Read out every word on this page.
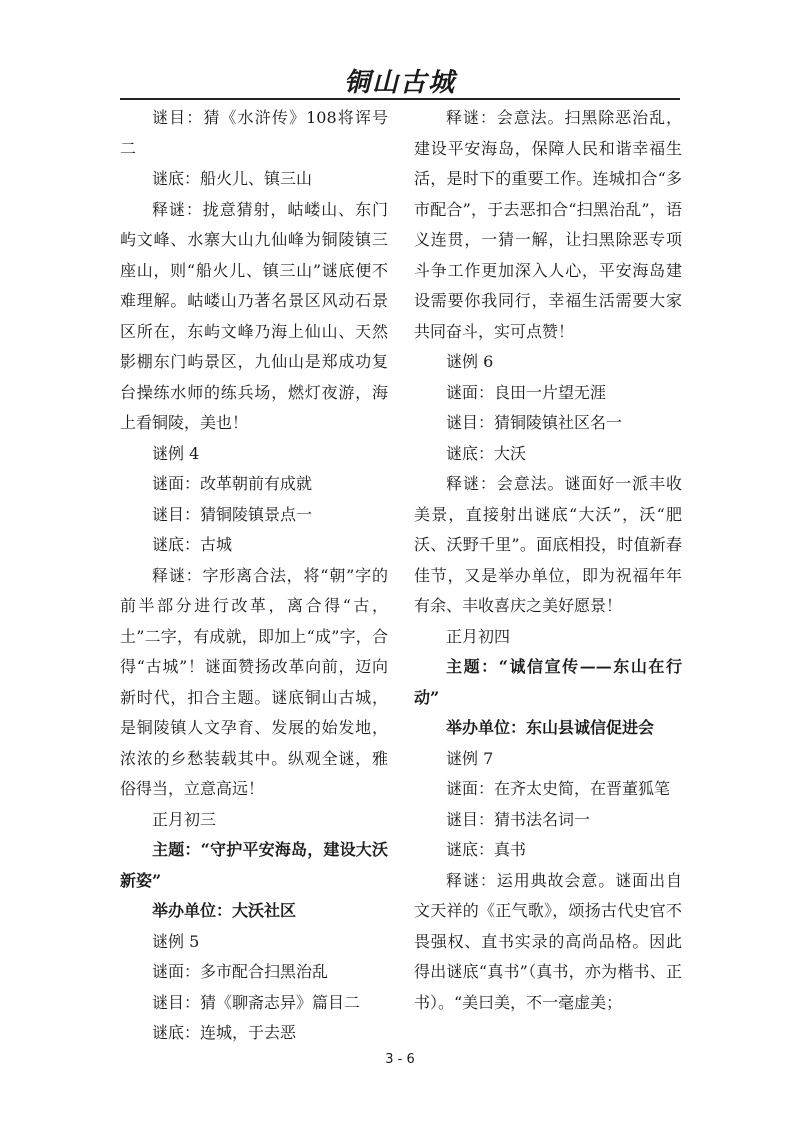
铜山古城

谜目：猜《水浒传》108将诨号二

谜底：船火儿、镇三山

释谜：拢意猜射，岵嵝山、东门屿文峰、水寨大山九仙峰为铜陵镇三座山，则“船火儿、镇三山”谜底便不难理解。岵嵝山乃著名景区风动石景区所在，东屿文峰乃海上仙山、天然影棚东门屿景区，九仙山是郑成功复台操练水师的练兵场，燃灯夜游，海上看铜陵，美也！

谜例 4

谜面：改革朝前有成就

谜目：猜铜陵镇景点一

谜底：古城

释谜：字形离合法，将“朝”字的前半部分进行改革，离合得“古，土”二字，有成就，即加上“成”字，合得“古城”！谜面赞扬改革向前，迈向新时代，扣合主题。谜底铜山古城，是铜陵镇人文孕育、发展的始发地，浓浓的乡愁装载其中。纵观全谜，雅俗得当，立意高远！

正月初三

主题：“守护平安海岛，建设大沃新姿”

举办单位：大沃社区

谜例 5

谜面：多市配合扫黑治乱

谜目：猜《聊斋志异》篇目二

谜底：连城，于去恶

释谜：会意法。扫黑除恶治乱，建设平安海岛，保障人民和谐幸福生活，是时下的重要工作。连城扣合“多市配合”，于去恶扣合“扫黑治乱”，语义连贯，一猜一解，让扫黑除恶专项斗争工作更加深入人心，平安海岛建设需要你我同行，幸福生活需要大家共同奋斗，实可点赞！

谜例 6

谜面：良田一片望无涯

谜目：猜铜陵镇社区名一

谜底：大沃

释谜：会意法。谜面好一派丰收美景，直接射出谜底“大沃”，沃“肥沃、沃野千里”。面底相投，时值新春佳节，又是举办单位，即为祝福年年有余、丰收喜庆之美好愿景！

正月初四

主题：“诚信宣传——东山在行动”

举办单位：东山县诚信促进会

谜例 7

谜面：在齐太史简，在晋董狐笔

谜目：猜书法名词一

谜底：真书

释谜：运用典故会意。谜面出自文天祥的《正气歌》，颂扬古代史官不畏强权、直书实录的高尚品格。因此得出谜底“真书”（真书，亦为楷书、正书）。“美曰美，不一毫虚美；

3 - 6
